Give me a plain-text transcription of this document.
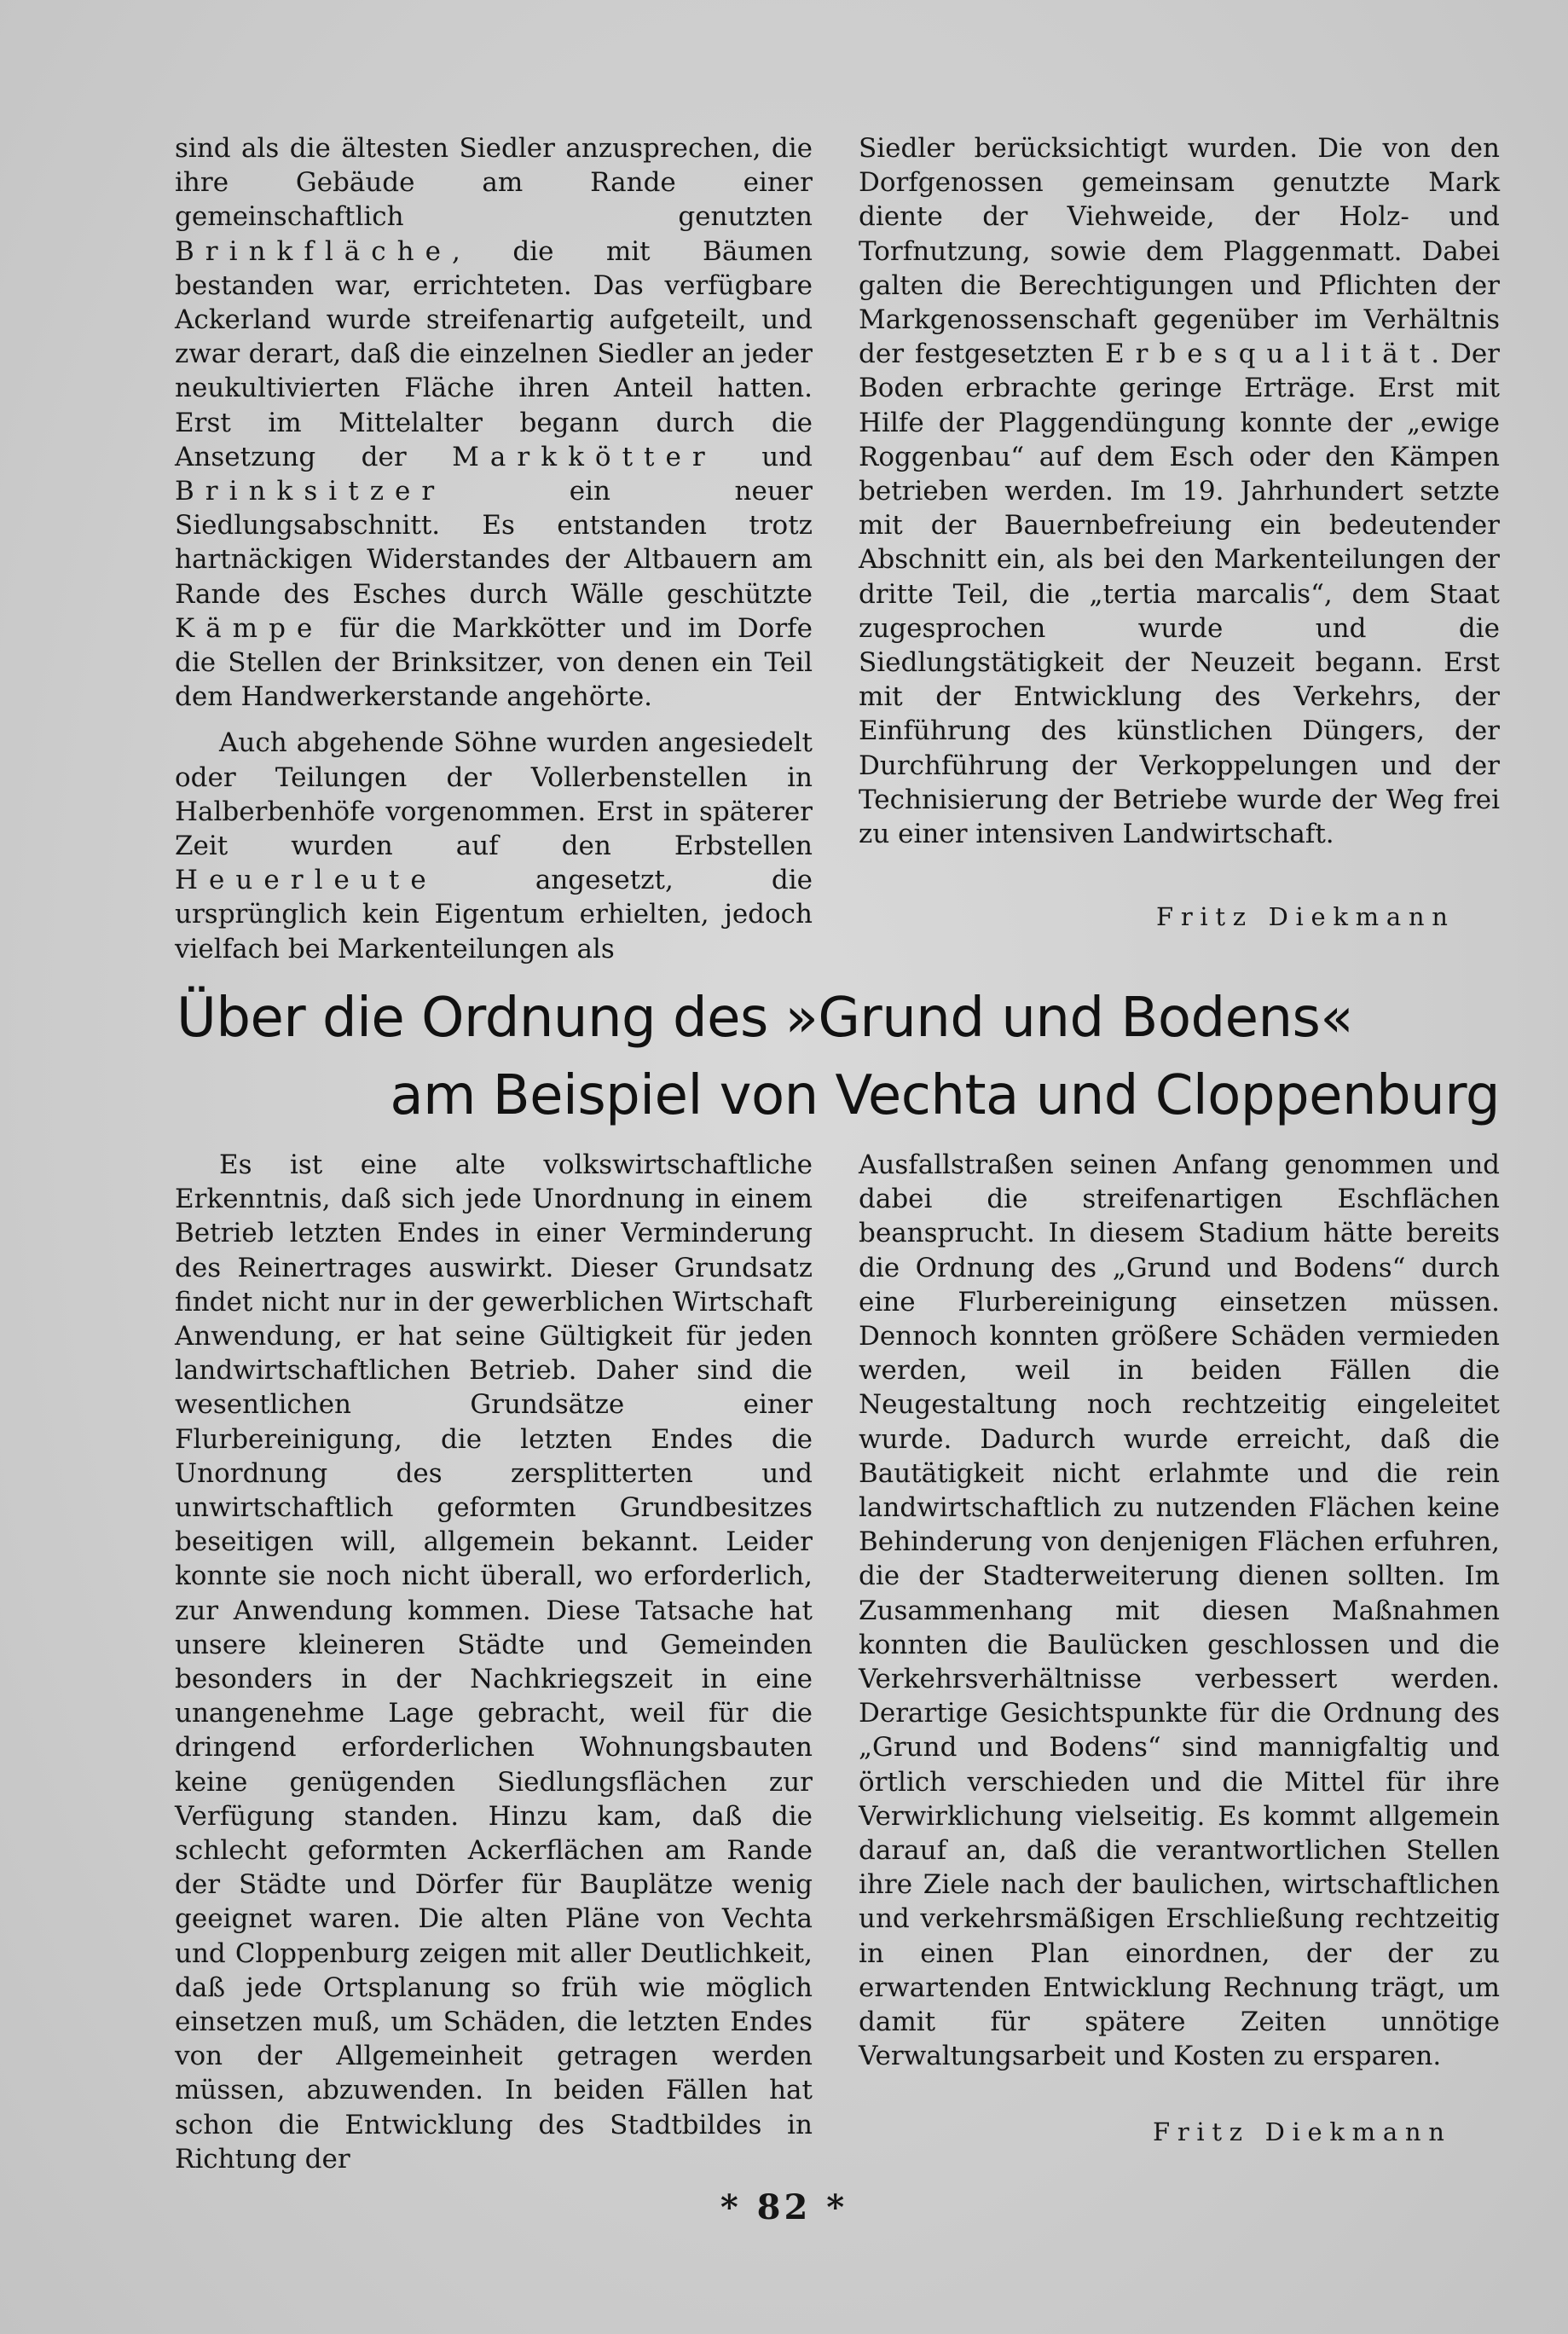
sind als die ältesten Siedler anzusprechen, die ihre Gebäude am Rande einer gemeinschaftlich genutzten Brinkfläche, die mit Bäumen bestanden war, errichteten. Das verfügbare Ackerland wurde streifenartig aufgeteilt, und zwar derart, daß die einzelnen Siedler an jeder neukultivierten Fläche ihren Anteil hatten. Erst im Mittelalter begann durch die Ansetzung der Markkötter und Brinksitzer ein neuer Siedlungsabschnitt. Es entstanden trotz hartnäckigen Widerstandes der Altbauern am Rande des Esches durch Wälle geschützte Kämpe für die Markkötter und im Dorfe die Stellen der Brinksitzer, von denen ein Teil dem Handwerkerstande angehörte.

Auch abgehende Söhne wurden angesiedelt oder Teilungen der Vollerbenstellen in Halberbenhöfe vorgenommen. Erst in späterer Zeit wurden auf den Erbstellen Heuerleute angesetzt, die ursprünglich kein Eigentum erhielten, jedoch vielfach bei Markenteilungen als

Siedler berücksichtigt wurden. Die von den Dorfgenossen gemeinsam genutzte Mark diente der Viehweide, der Holz- und Torfnutzung, sowie dem Plaggenmatt. Dabei galten die Berechtigungen und Pflichten der Markgenossenschaft gegenüber im Verhältnis der festgesetzten Erbesqualität. Der Boden erbrachte geringe Erträge. Erst mit Hilfe der Plaggendüngung konnte der „ewige Roggenbau“ auf dem Esch oder den Kämpen betrieben werden. Im 19. Jahrhundert setzte mit der Bauernbefreiung ein bedeutender Abschnitt ein, als bei den Markenteilungen der dritte Teil, die „tertia marcalis“, dem Staat zugesprochen wurde und die Siedlungstätigkeit der Neuzeit begann. Erst mit der Entwicklung des Verkehrs, der Einführung des künstlichen Düngers, der Durchführung der Verkoppelungen und der Technisierung der Betriebe wurde der Weg frei zu einer intensiven Landwirtschaft.

Fritz Diekmann
Über die Ordnung des »Grund und Bodens«
am Beispiel von Vechta und Cloppenburg

Es ist eine alte volkswirtschaftliche Erkenntnis, daß sich jede Unordnung in einem Betrieb letzten Endes in einer Verminderung des Reinertrages auswirkt. Dieser Grundsatz findet nicht nur in der gewerblichen Wirtschaft Anwendung, er hat seine Gültigkeit für jeden landwirtschaftlichen Betrieb. Daher sind die wesentlichen Grundsätze einer Flurbereinigung, die letzten Endes die Unordnung des zersplitterten und unwirtschaftlich geformten Grundbesitzes beseitigen will, allgemein bekannt. Leider konnte sie noch nicht überall, wo erforderlich, zur Anwendung kommen. Diese Tatsache hat unsere kleineren Städte und Gemeinden besonders in der Nachkriegszeit in eine unangenehme Lage gebracht, weil für die dringend erforderlichen Wohnungsbauten keine genügenden Siedlungsflächen zur Verfügung standen. Hinzu kam, daß die schlecht geformten Ackerflächen am Rande der Städte und Dörfer für Bauplätze wenig geeignet waren. Die alten Pläne von Vechta und Cloppenburg zeigen mit aller Deutlichkeit, daß jede Ortsplanung so früh wie möglich einsetzen muß, um Schäden, die letzten Endes von der Allgemeinheit getragen werden müssen, abzuwenden. In beiden Fällen hat schon die Entwicklung des Stadtbildes in Richtung der

Ausfallstraßen seinen Anfang genommen und dabei die streifenartigen Eschflächen beansprucht. In diesem Stadium hätte bereits die Ordnung des „Grund und Bodens“ durch eine Flurbereinigung einsetzen müssen. Dennoch konnten größere Schäden vermieden werden, weil in beiden Fällen die Neugestaltung noch rechtzeitig eingeleitet wurde. Dadurch wurde erreicht, daß die Bautätigkeit nicht erlahmte und die rein landwirtschaftlich zu nutzenden Flächen keine Behinderung von denjenigen Flächen erfuhren, die der Stadterweiterung dienen sollten. Im Zusammenhang mit diesen Maßnahmen konnten die Baulücken geschlossen und die Verkehrsverhältnisse verbessert werden. Derartige Gesichtspunkte für die Ordnung des „Grund und Bodens“ sind mannigfaltig und örtlich verschieden und die Mittel für ihre Verwirklichung vielseitig. Es kommt allgemein darauf an, daß die verantwortlichen Stellen ihre Ziele nach der baulichen, wirtschaftlichen und verkehrsmäßigen Erschließung rechtzeitig in einen Plan einordnen, der der zu erwartenden Entwicklung Rechnung trägt, um damit für spätere Zeiten unnötige Verwaltungsarbeit und Kosten zu ersparen.

Fritz Diekmann
* 82 *
